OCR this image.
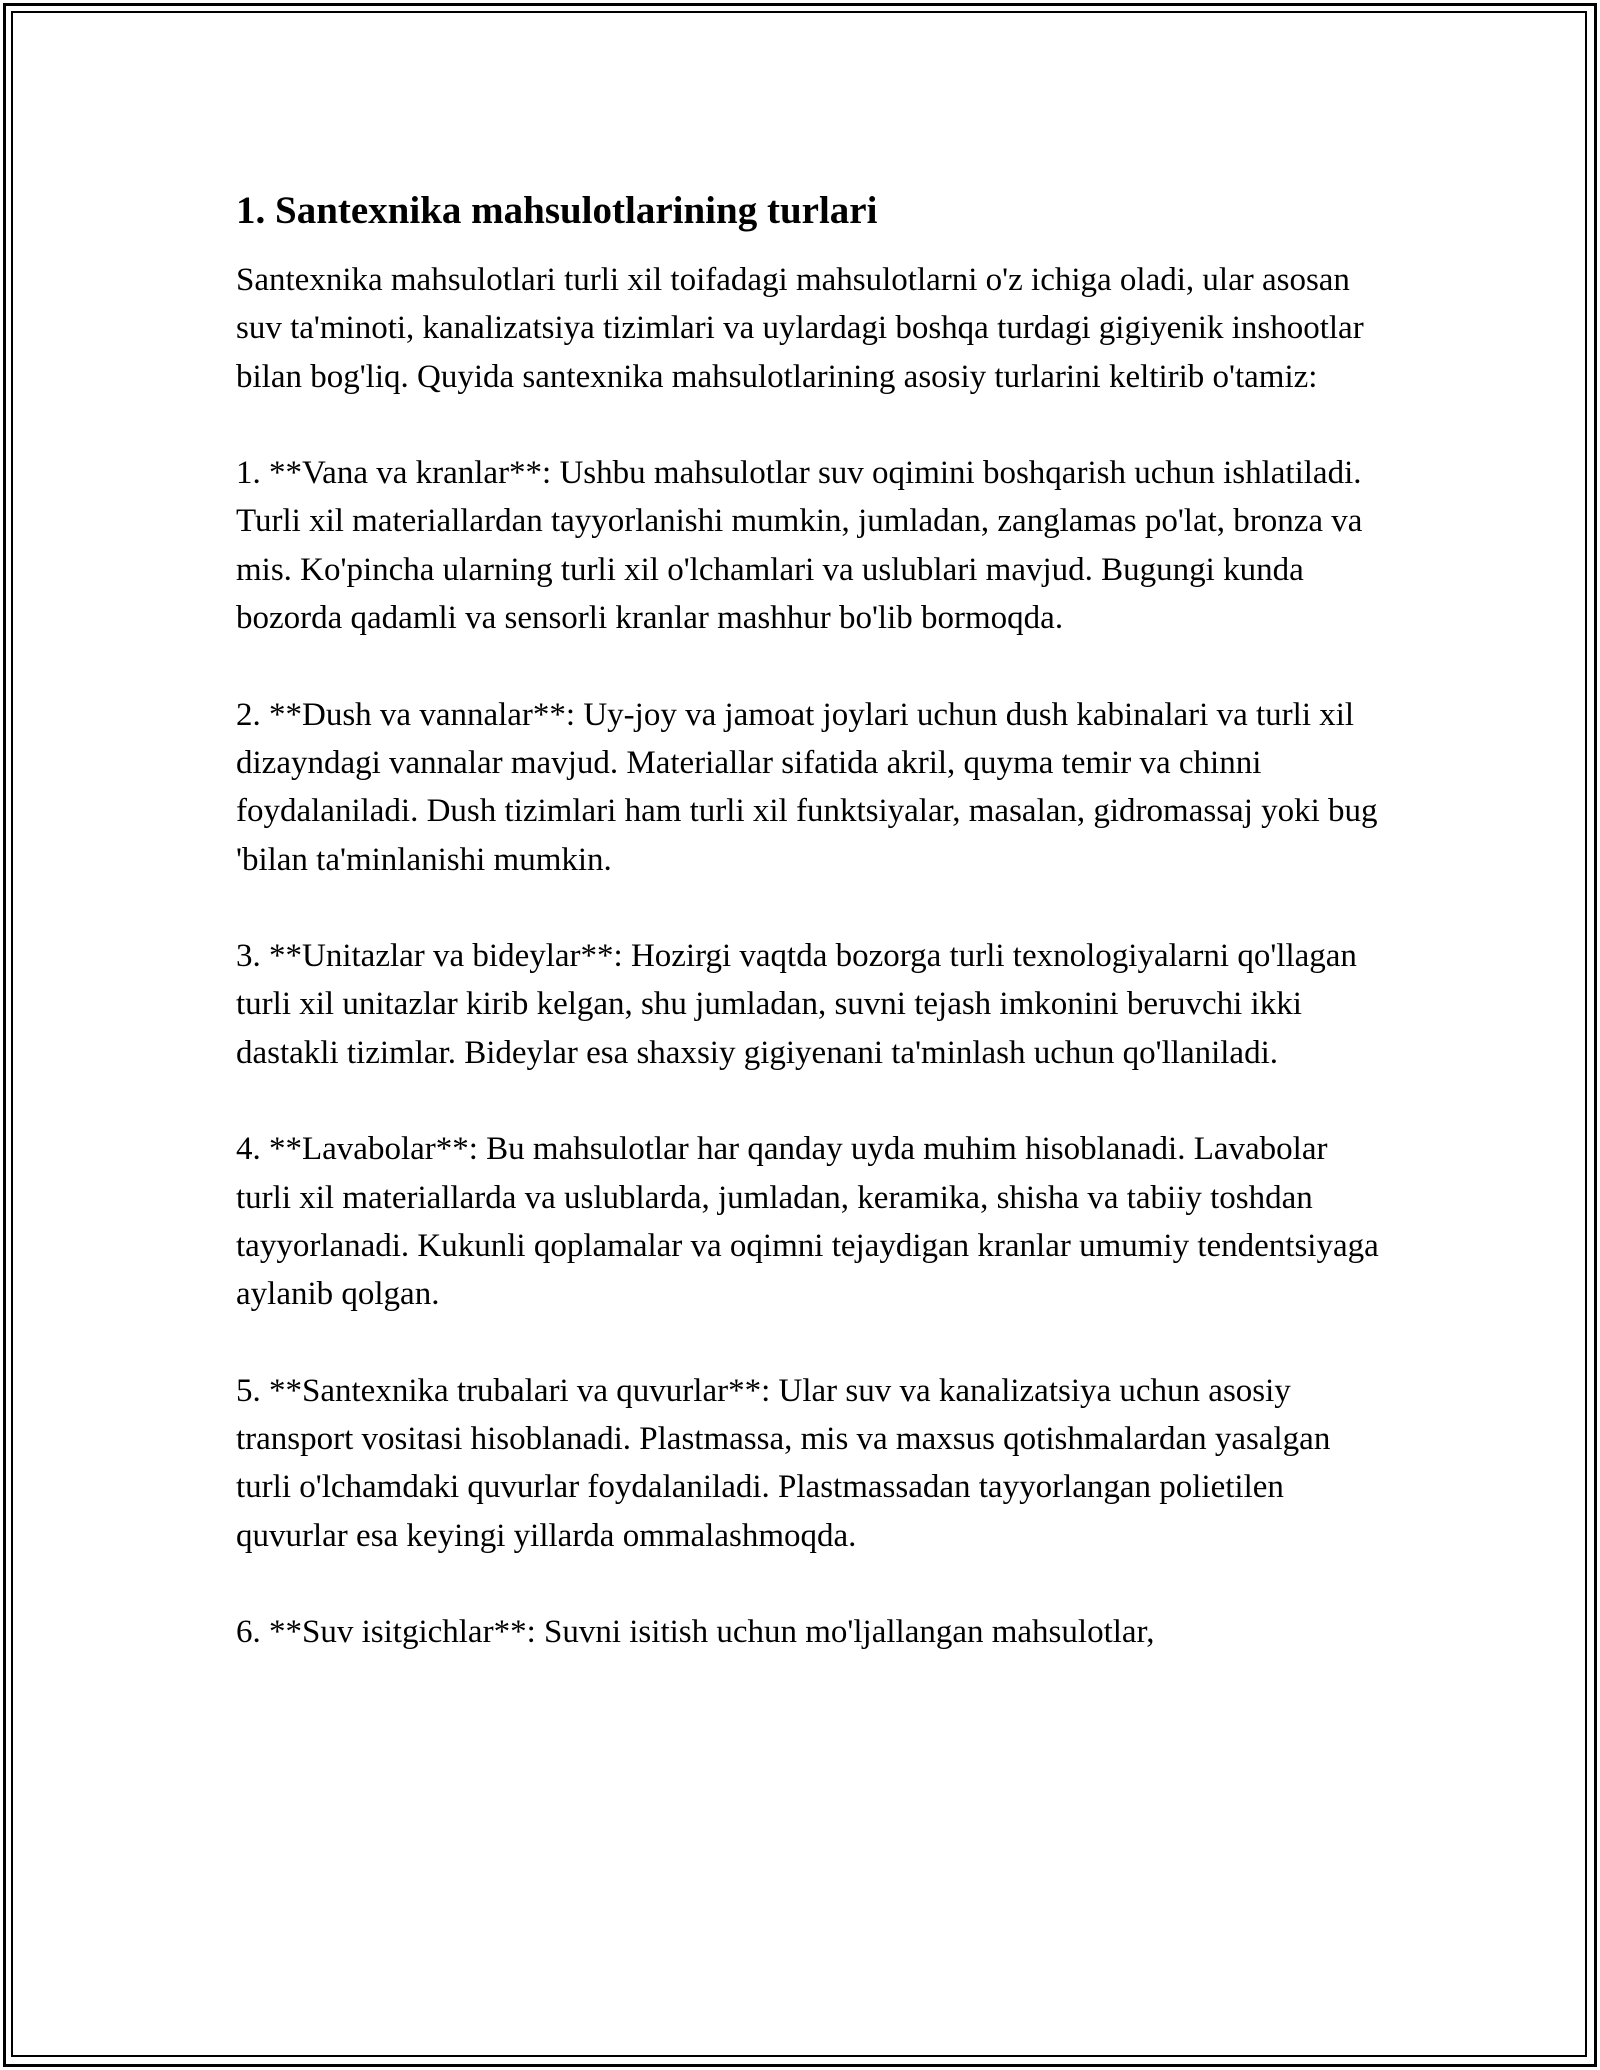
1. Santexnika mahsulotlarining turlari

Santexnika mahsulotlari turli xil toifadagi mahsulotlarni o'z ichiga oladi, ular asosan suv ta'minoti, kanalizatsiya tizimlari va uylardagi boshqa turdagi gigiyenik inshootlar bilan bog'liq. Quyida santexnika mahsulotlarining asosiy turlarini keltirib o'tamiz:

1. **Vana va kranlar**: Ushbu mahsulotlar suv oqimini boshqarish uchun ishlatiladi. Turli xil materiallardan tayyorlanishi mumkin, jumladan, zanglamas po'lat, bronza va mis. Ko'pincha ularning turli xil o'lchamlari va uslublari mavjud. Bugungi kunda bozorda qadamli va sensorli kranlar mashhur bo'lib bormoqda.

2. **Dush va vannalar**: Uy-joy va jamoat joylari uchun dush kabinalari va turli xil dizayndagi vannalar mavjud. Materiallar sifatida akril, quyma temir va chinni foydalaniladi. Dush tizimlari ham turli xil funktsiyalar, masalan, gidromassaj yoki bug 'bilan ta'minlanishi mumkin.

3. **Unitazlar va bideylar**: Hozirgi vaqtda bozorga turli texnologiyalarni qo'llagan turli xil unitazlar kirib kelgan, shu jumladan, suvni tejash imkonini beruvchi ikki dastakli tizimlar. Bideylar esa shaxsiy gigiyenani ta'minlash uchun qo'llaniladi.

4. **Lavabolar**: Bu mahsulotlar har qanday uyda muhim hisoblanadi. Lavabolar turli xil materiallarda va uslublarda, jumladan, keramika, shisha va tabiiy toshdan tayyorlanadi. Kukunli qoplamalar va oqimni tejaydigan kranlar umumiy tendentsiyaga aylanib qolgan.

5. **Santexnika trubalari va quvurlar**: Ular suv va kanalizatsiya uchun asosiy transport vositasi hisoblanadi. Plastmassa, mis va maxsus qotishmalardan yasalgan turli o'lchamdaki quvurlar foydalaniladi. Plastmassadan tayyorlangan polietilen quvurlar esa keyingi yillarda ommalashmoqda.

6. **Suv isitgichlar**: Suvni isitish uchun mo'ljallangan mahsulotlar,
